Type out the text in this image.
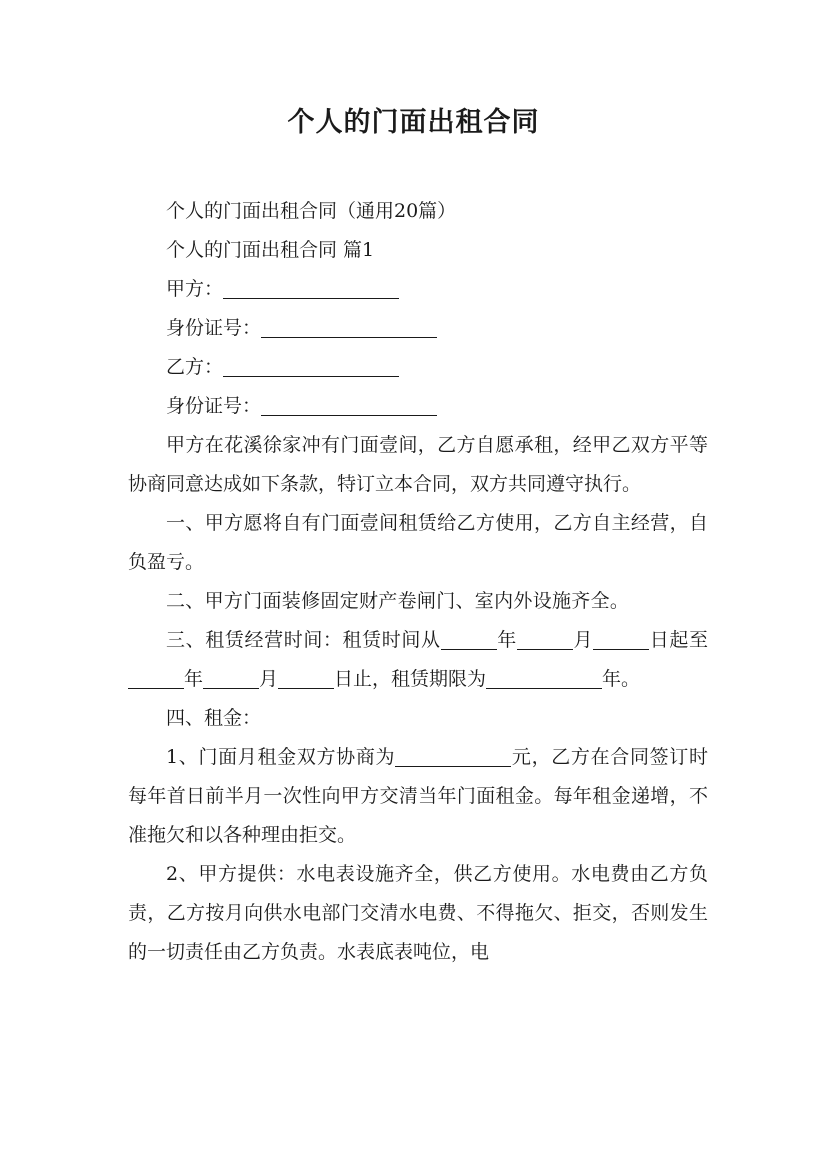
个人的门面出租合同

个人的门面出租合同（通用20篇）

个人的门面出租合同 篇1

甲方：

身份证号：

乙方：

身份证号：

甲方在花溪徐家冲有门面壹间，乙方自愿承租，经甲乙双方平等协商同意达成如下条款，特订立本合同，双方共同遵守执行。

一、甲方愿将自有门面壹间租赁给乙方使用，乙方自主经营，自负盈亏。

二、甲方门面装修固定财产卷闸门、室内外设施齐全。

三、租赁经营时间：租赁时间从	年	月	日起至年	月	日止，租赁期限为	年。

四、租金：

1、门面月租金双方协商为	元，乙方在合同签订时每年首日前半月一次性向甲方交清当年门面租金。每年租金递增，不准拖欠和以各种理由拒交。

2、甲方提供：水电表设施齐全，供乙方使用。水电费由乙方负责，乙方按月向供水电部门交清水电费、不得拖欠、拒交，否则发生的一切责任由乙方负责。水表底表吨位，电
